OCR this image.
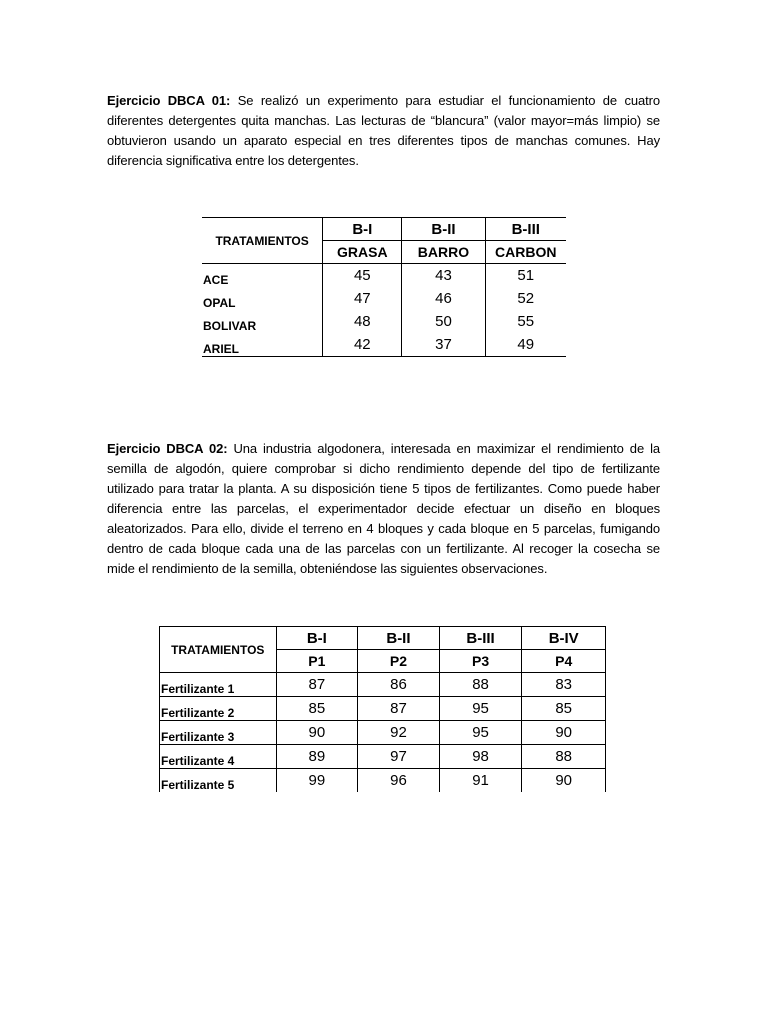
Ejercicio DBCA 01: Se realizó un experimento para estudiar el funcionamiento de cuatro diferentes detergentes quita manchas. Las lecturas de “blancura” (valor mayor=más limpio) se obtuvieron usando un aparato especial en tres diferentes tipos de manchas comunes. Hay diferencia significativa entre los detergentes.

TRATAMIENTOS	B-I	B-II	B-III
	GRASA	BARRO	CARBON
ACE	45	43	51
OPAL	47	46	52
BOLIVAR	48	50	55
ARIEL	42	37	49

Ejercicio DBCA 02: Una industria algodonera, interesada en maximizar el rendimiento de la semilla de algodón, quiere comprobar si dicho rendimiento depende del tipo de fertilizante utilizado para tratar la planta. A su disposición tiene 5 tipos de fertilizantes. Como puede haber diferencia entre las parcelas, el experimentador decide efectuar un diseño en bloques aleatorizados. Para ello, divide el terreno en 4 bloques y cada bloque en 5 parcelas, fumigando dentro de cada bloque cada una de las parcelas con un fertilizante. Al recoger la cosecha se mide el rendimiento de la semilla, obteniéndose las siguientes observaciones.

TRATAMIENTOS	B-I	B-II	B-III	B-IV
	P1	P2	P3	P4
Fertilizante 1	87	86	88	83
Fertilizante 2	85	87	95	85
Fertilizante 3	90	92	95	90
Fertilizante 4	89	97	98	88
Fertilizante 5	99	96	91	90
